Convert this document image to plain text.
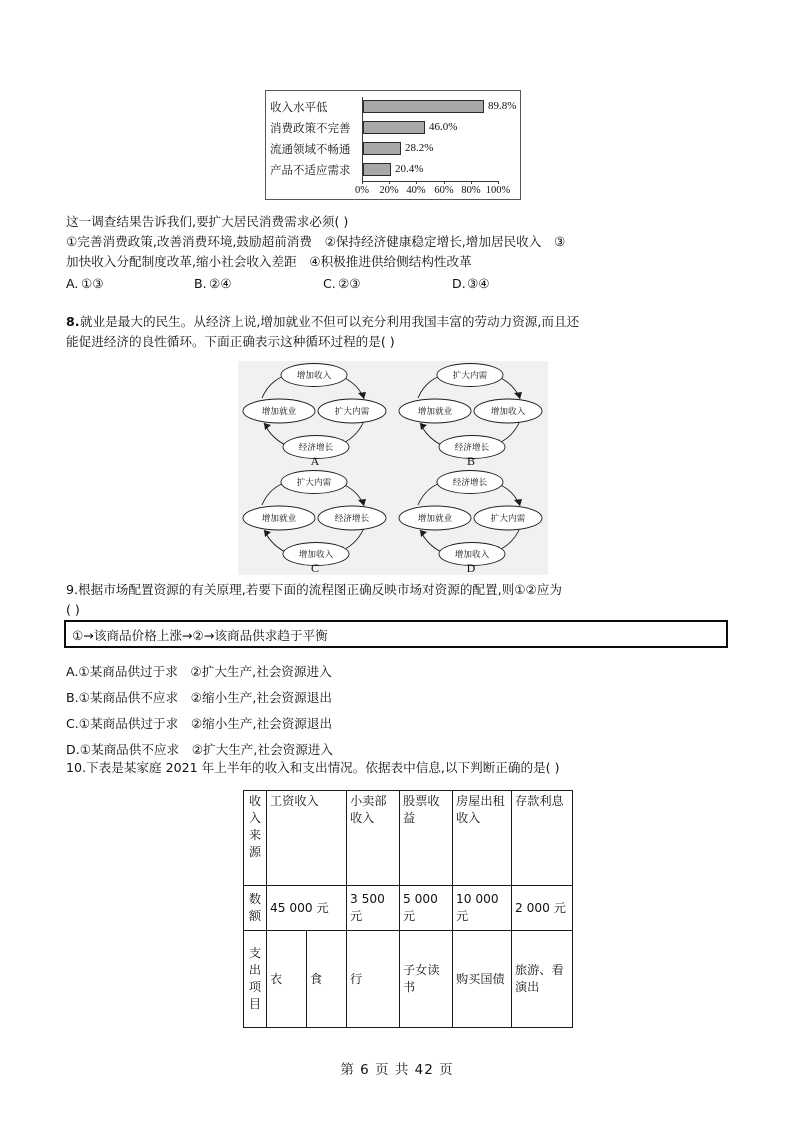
收入水平低	89.8%
消费政策不完善	46.0%
流通领域不畅通	28.2%
产品不适应需求	20.4%
0% 20% 40% 60% 80% 100%
这一调查结果告诉我们,要扩大居民消费需求必须( )
①完善消费政策,改善消费环境,鼓励超前消费　②保持经济健康稳定增长,增加居民收入　③
加快收入分配制度改革,缩小社会收入差距　④积极推进供给侧结构性改革
A. ①③	B. ②④	C. ②③	D. ③④
8. 就业是最大的民生。从经济上说,增加就业不但可以充分利用我国丰富的劳动力资源,而且还
能促进经济的良性循环。下面正确表示这种循环过程的是( )
增加就业
增加收入
扩大内需
经济增长
A
增加就业
扩大内需
增加收入
经济增长
B
增加就业
扩大内需
经济增长
增加收入
C
增加就业
经济增长
扩大内需
增加收入
D
9.根据市场配置资源的有关原理,若要下面的流程图正确反映市场对资源的配置,则①②应为
( )
①→该商品价格上涨→②→该商品供求趋于平衡
A.①某商品供过于求　②扩大生产,社会资源进入
B.①某商品供不应求　②缩小生产,社会资源退出
C.①某商品供过于求　②缩小生产,社会资源退出
D.①某商品供不应求　②扩大生产,社会资源进入
10.下表是某家庭 2021 年上半年的收入和支出情况。依据表中信息,以下判断正确的是( )
收入来源	工资收入		小卖部收入	股票收益	房屋出租收入	存款利息
数额	45 000 元		3 500 元	5 000 元	10 000 元	2 000 元
支出项目	衣	食	行	子女读书	购买国债	旅游、看演出
第 6 页 共 42 页
